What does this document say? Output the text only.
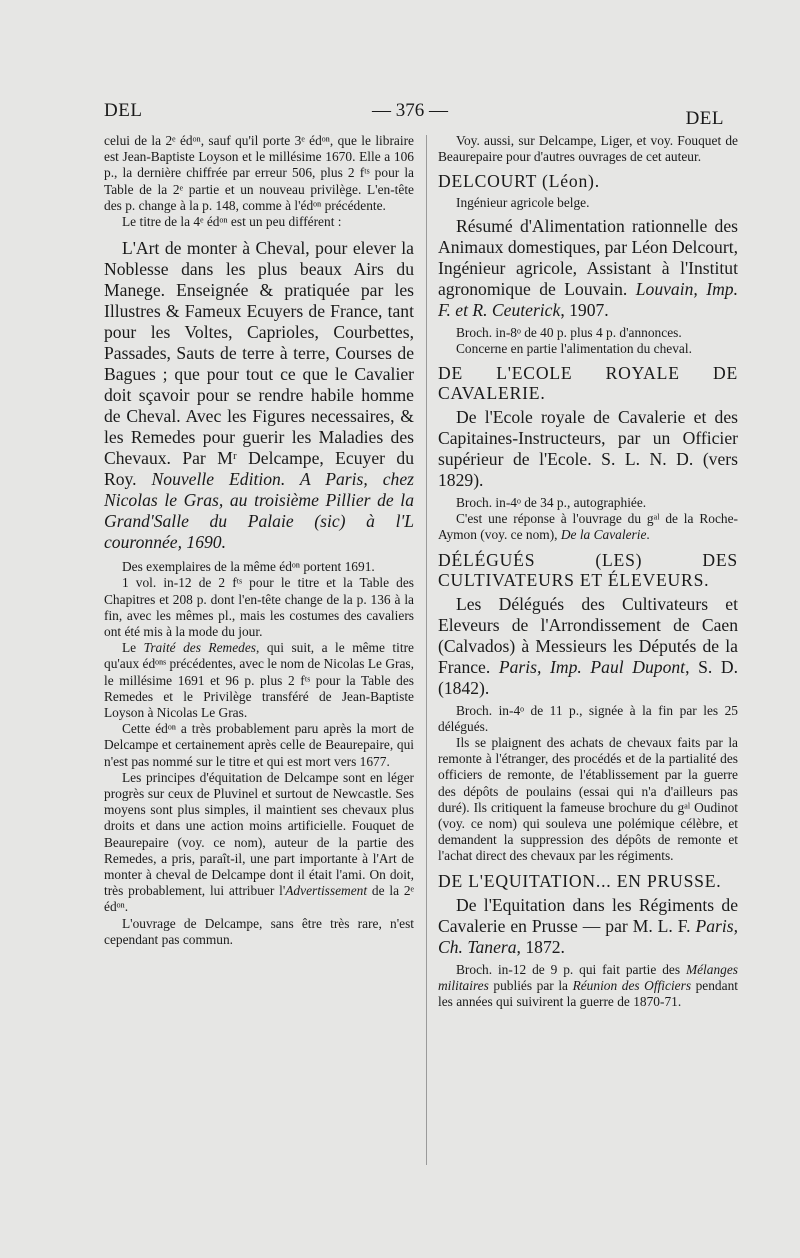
DEL	— 376 —	DEL

celui de la 2ᵉ édᵒⁿ, sauf qu'il porte 3ᵉ édᵒⁿ, que le libraire est Jean-Baptiste Loyson et le millésime 1670. Elle a 106 p., la dernière chiffrée par erreur 506, plus 2 fᵗˢ pour la Table de la 2ᵉ partie et un nouveau privilège. L'en-tête des p. change à la p. 148, comme à l'édᵒⁿ précédente.

Le titre de la 4ᵉ édᵒⁿ est un peu différent :

L'Art de monter à Cheval, pour elever la Noblesse dans les plus beaux Airs du Manege. Enseignée & pratiquée par les Illustres & Fameux Ecuyers de France, tant pour les Voltes, Caprioles, Courbettes, Passades, Sauts de terre à terre, Courses de Bagues ; que pour tout ce que le Cavalier doit sçavoir pour se rendre habile homme de Cheval. Avec les Figures necessaires, & les Remedes pour guerir les Maladies des Chevaux. Par Mʳ Delcampe, Ecuyer du Roy. Nouvelle Edition. A Paris, chez Nicolas le Gras, au troisième Pillier de la Grand'Salle du Palaie (sic) à l'L couronnée, 1690.

Des exemplaires de la même édᵒⁿ portent 1691.

1 vol. in-12 de 2 fᵗˢ pour le titre et la Table des Chapitres et 208 p. dont l'en-tête change de la p. 136 à la fin, avec les mêmes pl., mais les costumes des cavaliers ont été mis à la mode du jour.

Le Traité des Remedes, qui suit, a le même titre qu'aux édᵒⁿˢ précédentes, avec le nom de Nicolas Le Gras, le millésime 1691 et 96 p. plus 2 fᵗˢ pour la Table des Remedes et le Privilège transféré de Jean-Baptiste Loyson à Nicolas Le Gras.

Cette édᵒⁿ a très probablement paru après la mort de Delcampe et certainement après celle de Beaurepaire, qui n'est pas nommé sur le titre et qui est mort vers 1677.

Les principes d'équitation de Delcampe sont en léger progrès sur ceux de Pluvinel et surtout de Newcastle. Ses moyens sont plus simples, il maintient ses chevaux plus droits et dans une action moins artificielle. Fouquet de Beaurepaire (voy. ce nom), auteur de la partie des Remedes, a pris, paraît-il, une part importante à l'Art de monter à cheval de Delcampe dont il était l'ami. On doit, très probablement, lui attribuer l'Advertissement de la 2ᵉ édᵒⁿ.

L'ouvrage de Delcampe, sans être très rare, n'est cependant pas commun.

Voy. aussi, sur Delcampe, Liger, et voy. Fouquet de Beaurepaire pour d'autres ouvrages de cet auteur.

DELCOURT (Léon).

Ingénieur agricole belge.

Résumé d'Alimentation rationnelle des Animaux domestiques, par Léon Delcourt, Ingénieur agricole, Assistant à l'Institut agronomique de Louvain. Louvain, Imp. F. et R. Ceuterick, 1907.

Broch. in-8ᵒ de 40 p. plus 4 p. d'annonces.

Concerne en partie l'alimentation du cheval.

DE L'ECOLE ROYALE DE CAVALERIE.

De l'Ecole royale de Cavalerie et des Capitaines-Instructeurs, par un Officier supérieur de l'Ecole. S. L. N. D. (vers 1829).

Broch. in-4ᵒ de 34 p., autographiée.

C'est une réponse à l'ouvrage du gᵃˡ de la Roche-Aymon (voy. ce nom), De la Cavalerie.

DÉLÉGUÉS (LES) DES CULTIVATEURS ET ÉLEVEURS.

Les Délégués des Cultivateurs et Eleveurs de l'Arrondissement de Caen (Calvados) à Messieurs les Députés de la France. Paris, Imp. Paul Dupont, S. D. (1842).

Broch. in-4ᵒ de 11 p., signée à la fin par les 25 délégués.

Ils se plaignent des achats de chevaux faits par la remonte à l'étranger, des procédés et de la partialité des officiers de remonte, de l'établissement par la guerre des dépôts de poulains (essai qui n'a d'ailleurs pas duré). Ils critiquent la fameuse brochure du gᵃˡ Oudinot (voy. ce nom) qui souleva une polémique célèbre, et demandent la suppression des dépôts de remonte et l'achat direct des chevaux par les régiments.

DE L'EQUITATION... EN PRUSSE.

De l'Equitation dans les Régiments de Cavalerie en Prusse — par M. L. F. Paris, Ch. Tanera, 1872.

Broch. in-12 de 9 p. qui fait partie des Mélanges militaires publiés par la Réunion des Officiers pendant les années qui suivirent la guerre de 1870-71.
